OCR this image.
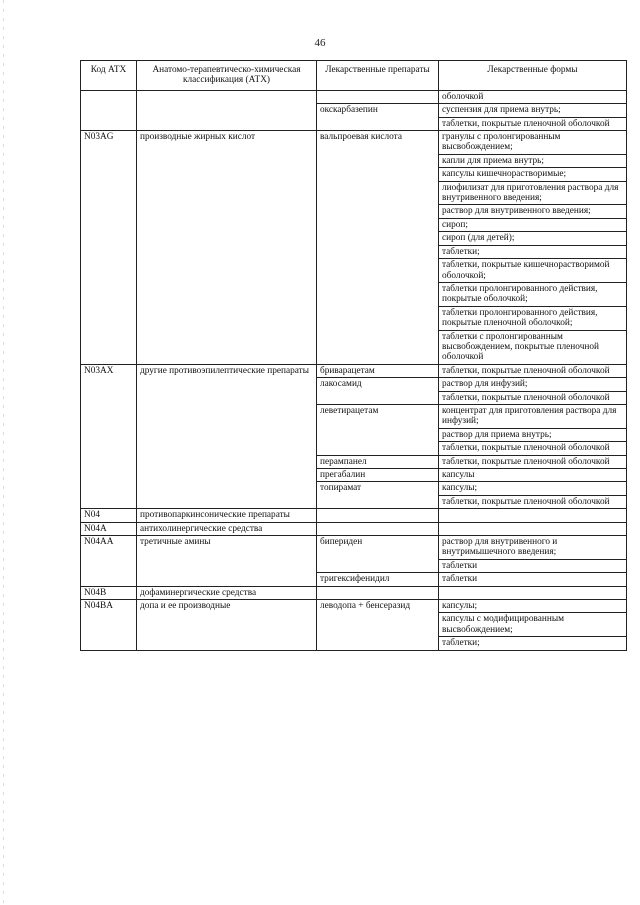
46
Код АТХ	Анатомо-терапевтическо-химическая классификация (АТХ)	Лекарственные препараты	Лекарственные формы
			оболочкой
		окскарбазепин	суспензия для приема внутрь;
			таблетки, покрытые пленочной оболочкой
N03AG	производные жирных кислот	вальпроевая кислота	гранулы с пролонгированным высвобождением;
			капли для приема внутрь;
			капсулы кишечнорастворимые;
			лиофилизат для приготовления раствора для внутривенного введения;
			раствор для внутривенного введения;
			сироп;
			сироп (для детей);
			таблетки;
			таблетки, покрытые кишечнорастворимой оболочкой;
			таблетки пролонгированного действия, покрытые оболочкой;
			таблетки пролонгированного действия, покрытые пленочной оболочкой;
			таблетки с пролонгированным высвобождением, покрытые пленочной оболочкой
N03AX	другие противоэпилептические препараты	бриварацетам	таблетки, покрытые пленочной оболочкой
		лакосамид	раствор для инфузий;
			таблетки, покрытые пленочной оболочкой
		леветирацетам	концентрат для приготовления раствора для инфузий;
			раствор для приема внутрь;
			таблетки, покрытые пленочной оболочкой
		перампанел	таблетки, покрытые пленочной оболочкой
		прегабалин	капсулы
		топирамат	капсулы;
			таблетки, покрытые пленочной оболочкой
N04	противопаркинсонические препараты		
N04A	антихолинергические средства		
N04AA	третичные амины	бипериден	раствор для внутривенного и внутримышечного введения;
			таблетки
		тригексифенидил	таблетки
N04B	дофаминергические средства		
N04BA	допа и ее производные	леводопа + бенсеразид	капсулы;
			капсулы с модифицированным высвобождением;
			таблетки;
